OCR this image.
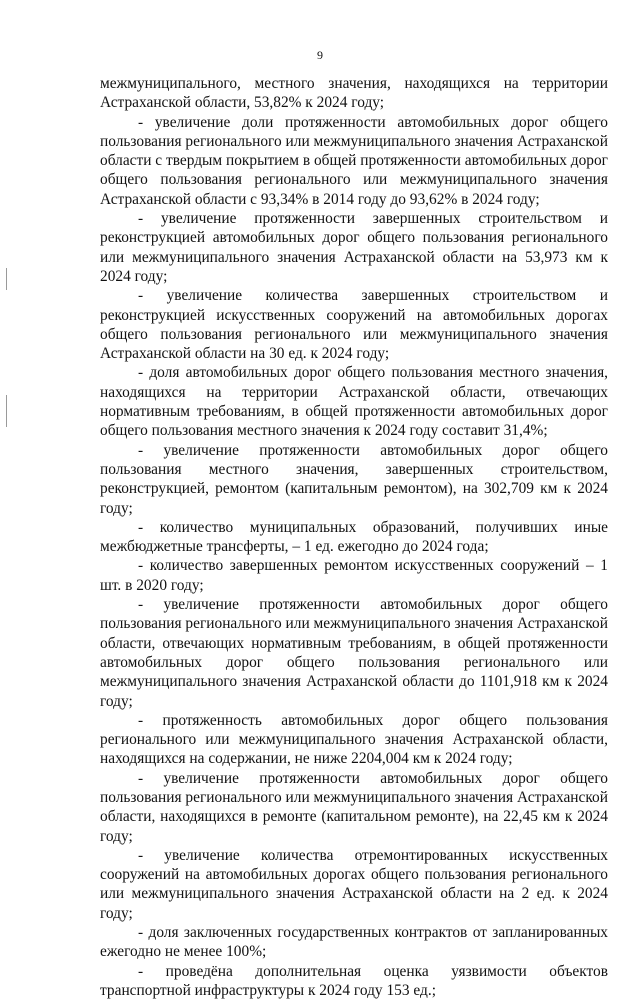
9

межмуниципального, местного значения, находящихся на территории Астраханской области, 53,82% к 2024 году;

- увеличение доли протяженности автомобильных дорог общего пользования регионального или межмуниципального значения Астраханской области с твердым покрытием в общей протяженности автомобильных дорог общего пользования регионального или межмуниципального значения Астраханской области с 93,34% в 2014 году до 93,62% в 2024 году;

- увеличение протяженности завершенных строительством и реконструкцией автомобильных дорог общего пользования регионального или межмуниципального значения Астраханской области на 53,973 км к 2024 году;

- увеличение количества завершенных строительством и реконструкцией искусственных сооружений на автомобильных дорогах общего пользования регионального или межмуниципального значения Астраханской области на 30 ед. к 2024 году;

- доля автомобильных дорог общего пользования местного значения, находящихся на территории Астраханской области, отвечающих нормативным требованиям, в общей протяженности автомобильных дорог общего пользования местного значения к 2024 году составит 31,4%;

- увеличение протяженности автомобильных дорог общего пользования местного значения, завершенных строительством, реконструкцией, ремонтом (капитальным ремонтом), на 302,709 км к 2024 году;

- количество муниципальных образований, получивших иные межбюджетные трансферты, – 1 ед. ежегодно до 2024 года;

- количество завершенных ремонтом искусственных сооружений – 1 шт. в 2020 году;

- увеличение протяженности автомобильных дорог общего пользования регионального или межмуниципального значения Астраханской области, отвечающих нормативным требованиям, в общей протяженности автомобильных дорог общего пользования регионального или межмуниципального значения Астраханской области до 1101,918 км к 2024 году;

- протяженность автомобильных дорог общего пользования регионального или межмуниципального значения Астраханской области, находящихся на содержании, не ниже 2204,004 км к 2024 году;

- увеличение протяженности автомобильных дорог общего пользования регионального или межмуниципального значения Астраханской области, находящихся в ремонте (капитальном ремонте), на 22,45 км к 2024 году;

- увеличение количества отремонтированных искусственных сооружений на автомобильных дорогах общего пользования регионального или межмуниципального значения Астраханской области на 2 ед. к 2024 году;

- доля заключенных государственных контрактов от запланированных ежегодно не менее 100%;

- проведёна дополнительная оценка уязвимости объектов транспортной инфраструктуры к 2024 году 153 ед.;
